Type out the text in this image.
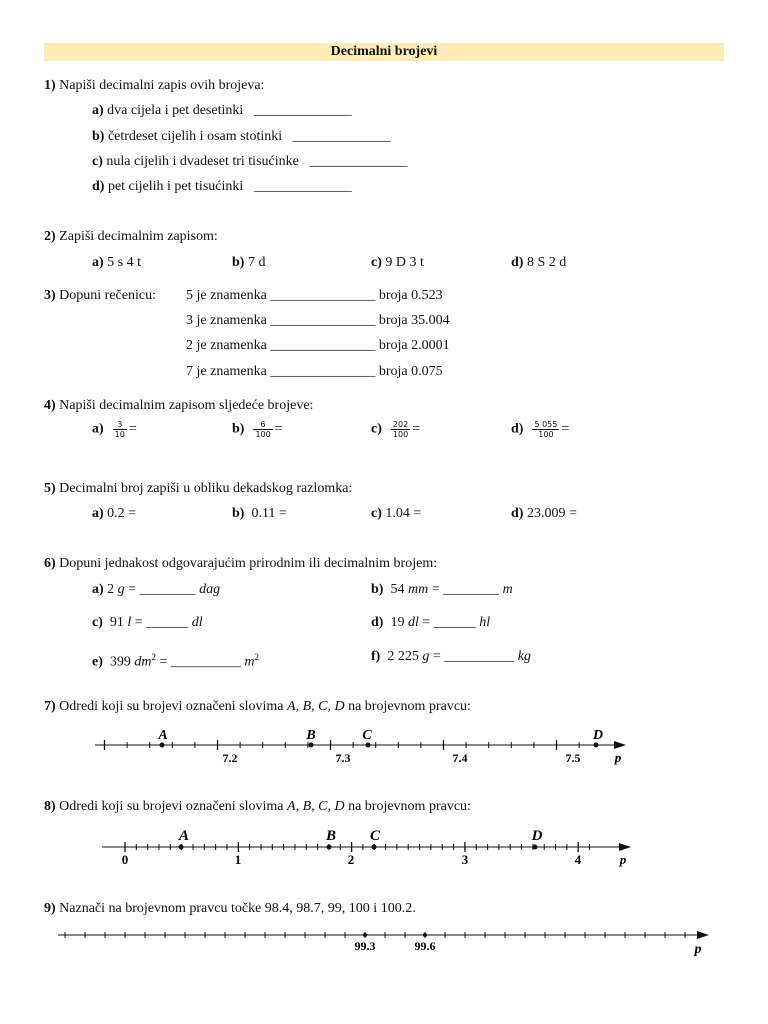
Decimalni brojevi
1) Napiši decimalni zapis ovih brojeva:
a) dva cijela i pet desetinki ______________
b) četrdeset cijelih i osam stotinki ______________
c) nula cijelih i dvadeset tri tisućinke ______________
d) pet cijelih i pet tisućinki ______________
2) Zapiši decimalnim zapisom:
a) 5 s 4 t	b) 7 d	c) 9 D 3 t	d) 8 S 2 d
3) Dopuni rečenicu: 5 je znamenka _______________ broja 0.523
3 je znamenka _______________ broja 35.004
2 je znamenka _______________ broja 2.0001
7 je znamenka _______________ broja 0.075
4) Napiši decimalnim zapisom sljedeće brojeve:
$a) \frac{3}{10}$ =	$b) \frac{6}{100}$ =	$c) \frac{202}{100}$ =	$d) \frac{5 055}{100}$ =
5) Decimalni broj zapiši u obliku dekadskog razlomka:
a) 0.2 =	b) 0.11 =	c) 1.04 =	d) 23.009 =
6) Dopuni jednakost odgovarajućim prirodnim ili decimalnim brojem:
a) 2 g = ________ dag	b) 54 mm = ________ m
c) 91 l = ______ dl	d) 19 dl = ______ hl
e) 399 $dm^2$ = __________ $m^2$	f) 2 225 g = __________ kg
7) Odredi koji su brojevi označeni slovima A, B, C, D na brojevnom pravcu:
7.2	7.3	7.4	7.5
A	B	C	D
p
8) Odredi koji su brojevi označeni slovima A, B, C, D na brojevnom pravcu:
0	1	2	3	4
A	B C	D
p
9) Naznači na brojevnom pravcu točke 98.4, 98.7, 99, 100 i 100.2.
99.3	99.6	p
